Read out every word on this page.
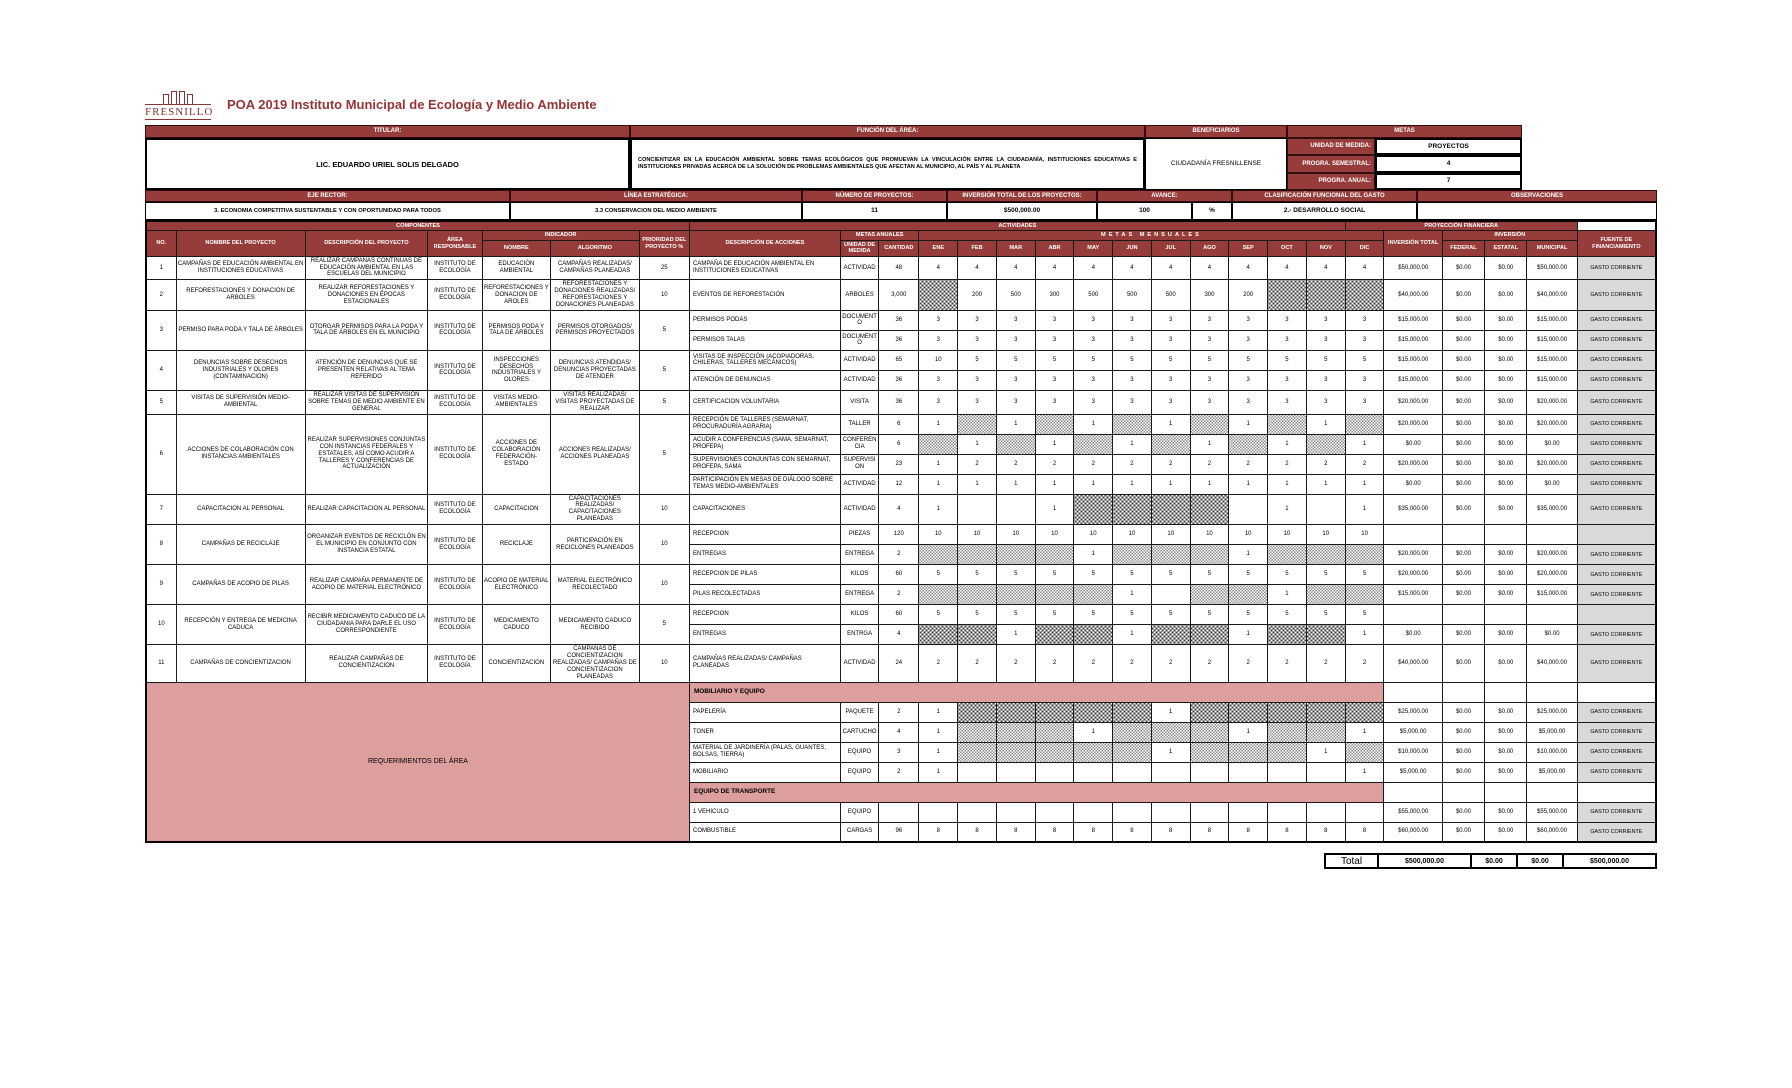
FRESNILLO POA 2019 Instituto Municipal de Ecología y Medio Ambiente
TITULAR:	FUNCIÓN DEL ÁREA:	BENEFICIARIOS	METAS
LIC. EDUARDO URIEL SOLIS DELGADO	CONCIENTIZAR EN LA EDUCACIÓN AMBIENTAL SOBRE TEMAS ECOLÓGICOS QUE PROMUEVAN LA VINCULACIÓN ENTRE LA CIUDADANÍA, INSTITUCIONES EDUCATIVAS E INSTITUCIONES PRIVADAS ACERCA DE LA SOLUCIÓN DE PROBLEMAS AMBIENTALES QUE AFECTAN AL MUNICIPIO, AL PAÍS Y AL PLANETA	CIUDADANÍA FRESNILLENSE
UNIDAD DE MEDIDA:	PROYECTOS
PROGRA. SEMESTRAL:	4
PROGRA. ANUAL:	7
EJE RECTOR:	LÍNEA ESTRATÉGICA:	NÚMERO DE PROYECTOS:	INVERSIÓN TOTAL DE LOS PROYECTOS:	AVANCE:	CLASIFICACIÓN FUNCIONAL DEL GASTO	OBSERVACIONES
3. ECONOMIA COMPETITIVA SUSTENTABLE Y CON OPORTUNIDAD PARA TODOS	3.3 CONSERVACION DEL MEDIO AMBIENTE	11	$500,000.00	100	%	2.- DESARROLLO SOCIAL
COMPONENTES							ACTIVIDADES														PROYECCIÓN FINANCIERA					
NO.	NOMBRE DEL PROYECTO	DESCRIPCIÓN DEL PROYECTO	ÁREA RESPONSABLE	INDICADOR		PRIORIDAD DEL PROYECTO %	DESCRIPCIÓN DE ACCIONES	METAS ANUALES		METAS MENSUALES												INVERSIÓN TOTAL	INVERSIÓN			FUENTE DE FINANCIAMIENTO
				NOMBRE	ALGORITMO			UNIDAD DE MEDIDA	CANTIDAD	ENE	FEB	MAR	ABR	MAY	JUN	JUL	AGO	SEP	OCT	NOV	DIC		FEDERAL	ESTATAL	MUNICIPAL	
1	CAMPAÑAS DE EDUCACIÓN AMBIENTAL EN INSTITUCIONES EDUCATIVAS	REALIZAR CAMPAÑAS CONTINUAS DE EDUCACIÓN AMBIENTAL EN LAS ESCUELAS DEL MUNICIPIO	INSTITUTO DE ECOLOGÍA	EDUCACIÓN AMBIENTAL	CAMPAÑAS REALIZADAS/ CAMPAÑAS PLANEADAS	25	CAMPAÑA DE EDUCACIÓN AMBIENTAL EN INSTITUCIONES EDUCATIVAS	ACTIVIDAD	48	4	4	4	4	4	4	4	4	4	4	4	4	$50,000.00	$0.00	$0.00	$50,000.00	GASTO CORRIENTE
2	REFORESTACIONES Y DONACION DE ARBOLES	REALIZAR REFORESTACIONES Y DONACIONES EN ÉPOCAS ESTACIONALES	INSTITUTO DE ECOLOGÍA	REFORESTACIONES Y DONACION DE AROLES	REFORESTACIONES Y DONACIONES REALIZADAS/ REFORESTACIONES Y DONACIONES PLANEADAS	10	EVENTOS DE REFORESTACIÓN	ARBOLES	3,000		200	500	300	500	500	500	300	200				$40,000.00	$0.00	$0.00	$40,000.00	GASTO CORRIENTE
3	PERMISO PARA PODA Y TALA DE ÁRBOLES	OTORGAR PERMISOS PARA LA PODA Y TALA DE ÁRBOLES EN EL MUNICIPIO	INSTITUTO DE ECOLOGÍA	PERMISOS PODA Y TALA DE ÁRBOLES	PERMISOS OTORGADOS/ PERMISOS PROYECTADOS	5	PERMISOS PODAS	DOCUMENTO	36	3	3	3	3	3	3	3	3	3	3	3	3	$15,000.00	$0.00	$0.00	$15,000.00	GASTO CORRIENTE
							PERMISOS TALAS	DOCUMENTO	36	3	3	3	3	3	3	3	3	3	3	3	3	$15,000.00	$0.00	$0.00	$15,000.00	GASTO CORRIENTE
4	DENUNCIAS SOBRE DESECHOS INDUSTRIALES Y OLORES (CONTAMINACION)	ATENCIÓN DE DENUNCIAS QUE SE PRESENTEN RELATIVAS AL TEMA REFERIDO	INSTITUTO DE ECOLOGÍA	INSPECCIONES DESECHOS INDUSTRIALES Y OLORES	DENUNCIAS ATENDIDAS/ DENUNCIAS PROYECTADAS DE ATENDER	5	VISITAS DE INSPECCIÓN (ACOPIADORAS, CHILERAS, TALLERES MECÁNICOS)	ACTIVIDAD	65	10	5	5	5	5	5	5	5	5	5	5	5	$15,000.00	$0.00	$0.00	$15,000.00	GASTO CORRIENTE
							ATENCIÓN DE DENUNCIAS	ACTIVIDAD	36	3	3	3	3	3	3	3	3	3	3	3	3	$15,000.00	$0.00	$0.00	$15,000.00	GASTO CORRIENTE
5	VISITAS DE SUPERVISIÓN MEDIO-AMBIENTAL	REALIZAR VISITAS DE SUPERVISIÓN SOBRE TEMAS DE MEDIO AMBIENTE EN GENERAL	INSTITUTO DE ECOLOGÍA	VISITAS MEDIO-AMBIENTALES	VISITAS REALIZADAS/ VISITAS PROYECTADAS DE REALIZAR	5	CERTIFICACION VOLUNTARIA	VISITA	36	3	3	3	3	3	3	3	3	3	3	3	3	$20,000.00	$0.00	$0.00	$20,000.00	GASTO CORRIENTE
6	ACCIONES DE COLABORACIÓN CON INSTANCIAS AMBIENTALES	REALIZAR SUPERVISIONES CONJUNTAS CON INSTANCIAS FEDERALES Y ESTATALES, ASÍ COMO ACUDIR A TALLERES Y CONFERENCIAS DE ACTUALIZACIÓN	INSTITUTO DE ECOLOGÍA	ACCIONES DE COLABORACIÓN FEDERACIÓN-ESTADO	ACCIONES REALIZADAS/ ACCIONES PLANEADAS	5	RECEPCIÓN DE TALLERES (SEMARNAT, PROCURADURÍA AGRARIA)	TALLER	6	1		1		1		1		1		1		$20,000.00	$0.00	$0.00	$20,000.00	GASTO CORRIENTE
							ACUDIR A CONFERENCIAS (SAMA, SEMARNAT, PROFEPA)	CONFERENCIA	6		1		1		1		1		1		1	$0.00	$0.00	$0.00	$0.00	GASTO CORRIENTE
							SUPERVISIONES CONJUNTAS CON SEMARNAT, PROFEPA, SAMA	SUPERVISION	23	1	2	2	2	2	2	2	2	2	2	2	2	$20,000.00	$0.00	$0.00	$20,000.00	GASTO CORRIENTE
							PARTICIPACIÓN EN MESAS DE DIÁLOGO SOBRE TEMAS MEDIO-AMBIENTALES	ACTIVIDAD	12	1	1	1	1	1	1	1	1	1	1	1	1	$0.00	$0.00	$0.00	$0.00	GASTO CORRIENTE
7	CAPACITACION AL PERSONAL	REALIZAR CAPACITACION AL PERSONAL	INSTITUTO DE ECOLOGÍA	CAPACITACION	CAPACITACIONES REALIZADAS/ CAPACITACIONES PLANEADAS	10	CAPACITACIONES	ACTIVIDAD	4	1			1						1		1	$35,000.00	$0.00	$0.00	$35,000.00	GASTO CORRIENTE
8	CAMPAÑAS DE RECICLAJE	ORGANIZAR EVENTOS DE RECICLÓN EN EL MUNICIPIO EN CONJUNTO CON INSTANCIA ESTATAL	INSTITUTO DE ECOLOGÍA	RECICLAJE	PARTICIPACIÓN EN RECICLONES PLANEADOS	10	RECEPCION	PIEZAS	120	10	10	10	10	10	10	10	10	10	10	10	10					
							ENTREGAS	ENTREGA	2					1				1				$20,000.00	$0.00	$0.00	$20,000.00	GASTO CORRIENTE
9	CAMPAÑAS DE ACOPIO DE PILAS	REALIZAR CAMPAÑA PERMANENTE DE ACOPIO DE MATERIAL ELECTRÓNICO	INSTITUTO DE ECOLOGÍA	ACOPIO DE MATERIAL ELECTRÓNICO	MATERIAL ELECTRÓNICO RECOLECTADO	10	RECEPCION DE PILAS	KILOS	60	5	5	5	5	5	5	5	5	5	5	5	5	$20,000.00	$0.00	$0.00	$20,000.00	GASTO CORRIENTE
							PILAS RECOLECTADAS	ENTREGA	2						1				1			$15,000.00	$0.00	$0.00	$15,000.00	GASTO CORRIENTE
10	RECEPCIÓN Y ENTREGA DE MEDICINA CADUCA	RECIBIR MEDICAMENTO CADUCO DE LA CIUDADANIA PARA DARLE EL USO CORRESPONDIENTE	INSTITUTO DE ECOLOGÍA	MEDICAMENTO CADUCO	MEDICAMENTO CADUCO RECIBIDO	5	RECEPCION	KILOS	60	5	5	5	5	5	5	5	5	5	5	5	5					
							ENTREGAS	ENTRGA	4			1			1			1			1	$0.00	$0.00	$0.00	$0.00	GASTO CORRIENTE
11	CAMPAÑAS DE CONCIENTIZACION	REALIZAR CAMPAÑAS DE CONCIENTIZACION	INSTITUTO DE ECOLOGÍA	CONCIENTIZACION	CAMPAÑAS DE CONCIENTIZACION REALIZADAS/ CAMPAÑAS DE CONCIENTIZACION PLANEADAS	10	CAMPAÑAS REALIZADAS/ CAMPAÑAS PLANEADAS	ACTIVIDAD	24	2	2	2	2	2	2	2	2	2	2	2	2	$40,000.00	$0.00	$0.00	$40,000.00	GASTO CORRIENTE
REQUERIMIENTOS DEL ÁREA							MOBILIARIO Y EQUIPO																			
							PAPELERÍA	PAQUETE	2	1						1						$25,000.00	$0.00	$0.00	$25,000.00	GASTO CORRIENTE
							TONER	CARTUCHO	4	1				1				1			1	$5,000.00	$0.00	$0.00	$5,000.00	GASTO CORRIENTE
							MATERIAL DE JARDINERÍA (PALAS, GUANTES, BOLSAS, TIERRA)	EQUIPO	3	1						1				1		$10,000.00	$0.00	$0.00	$10,000.00	GASTO CORRIENTE
							MOBILIARIO	EQUIPO	2	1											1	$5,000.00	$0.00	$0.00	$5,000.00	GASTO CORRIENTE
							EQUIPO DE TRANSPORTE																			
							1 VEHICULO	EQUIPO														$55,000.00	$0.00	$0.00	$55,000.00	GASTO CORRIENTE
							COMBUSTIBLE	CARGAS	96	8	8	8	8	8	8	8	8	8	8	8	8	$60,000.00	$0.00	$0.00	$60,000.00	GASTO CORRIENTE
Total	$500,000.00	$0.00	$0.00	$500,000.00
